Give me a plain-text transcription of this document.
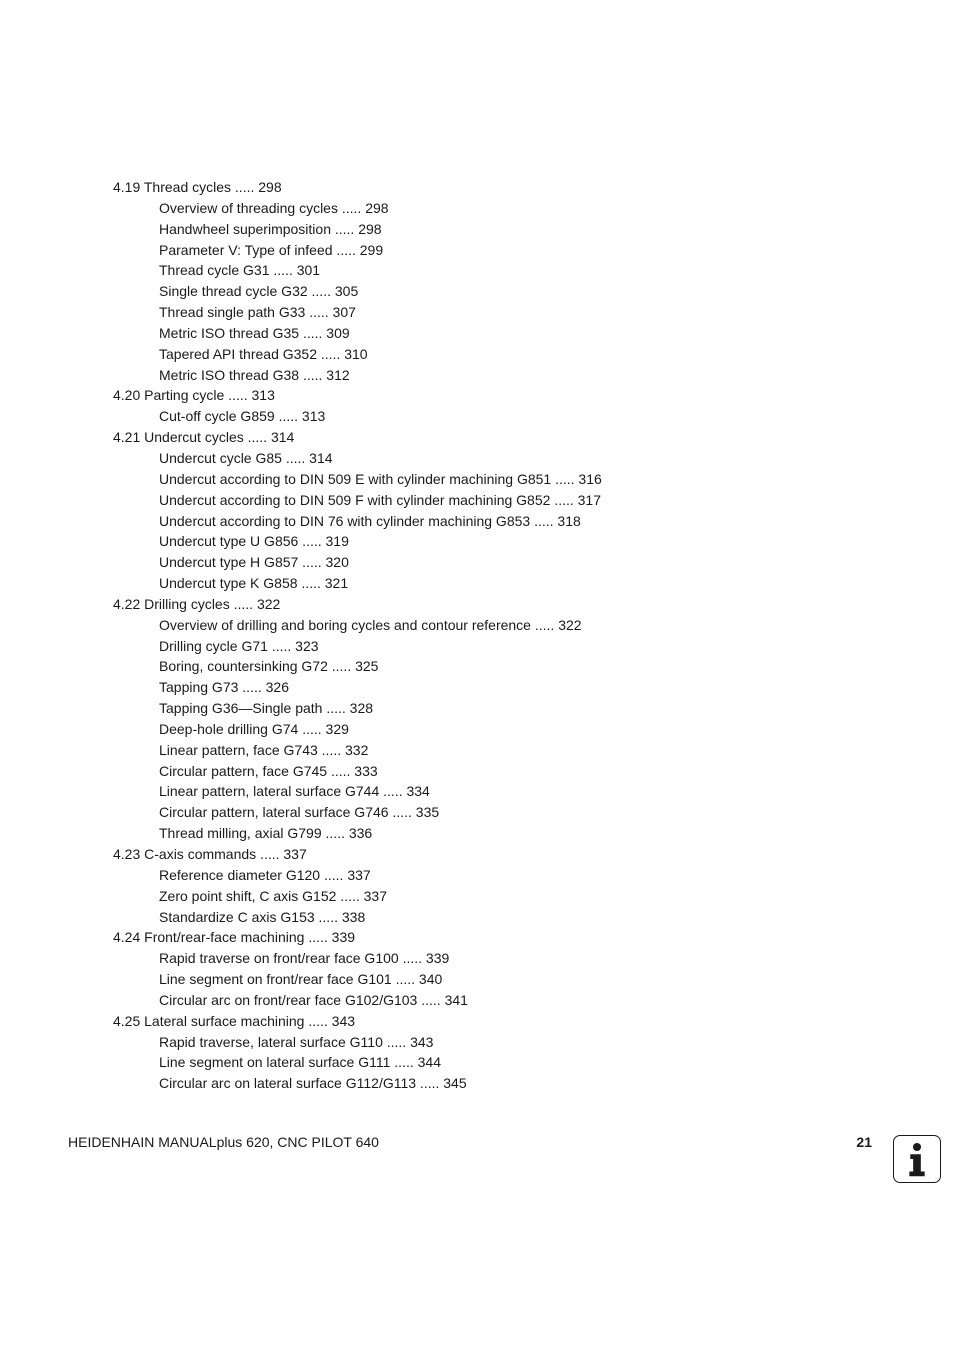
4.19 Thread cycles ..... 298
Overview of threading cycles ..... 298
Handwheel superimposition ..... 298
Parameter V: Type of infeed ..... 299
Thread cycle G31 ..... 301
Single thread cycle G32 ..... 305
Thread single path G33 ..... 307
Metric ISO thread G35 ..... 309
Tapered API thread G352 ..... 310
Metric ISO thread G38 ..... 312
4.20 Parting cycle ..... 313
Cut-off cycle G859 ..... 313
4.21 Undercut cycles ..... 314
Undercut cycle G85 ..... 314
Undercut according to DIN 509 E with cylinder machining G851 ..... 316
Undercut according to DIN 509 F with cylinder machining G852 ..... 317
Undercut according to DIN 76 with cylinder machining G853 ..... 318
Undercut type U G856 ..... 319
Undercut type H G857 ..... 320
Undercut type K G858 ..... 321
4.22 Drilling cycles ..... 322
Overview of drilling and boring cycles and contour reference ..... 322
Drilling cycle G71 ..... 323
Boring, countersinking G72 ..... 325
Tapping G73 ..... 326
Tapping G36—Single path ..... 328
Deep-hole drilling G74 ..... 329
Linear pattern, face G743 ..... 332
Circular pattern, face G745 ..... 333
Linear pattern, lateral surface G744 ..... 334
Circular pattern, lateral surface G746 ..... 335
Thread milling, axial G799 ..... 336
4.23 C-axis commands ..... 337
Reference diameter G120 ..... 337
Zero point shift, C axis G152 ..... 337
Standardize C axis G153 ..... 338
4.24 Front/rear-face machining ..... 339
Rapid traverse on front/rear face G100 ..... 339
Line segment on front/rear face G101 ..... 340
Circular arc on front/rear face G102/G103 ..... 341
4.25 Lateral surface machining ..... 343
Rapid traverse, lateral surface G110 ..... 343
Line segment on lateral surface G111 ..... 344
Circular arc on lateral surface G112/G113 ..... 345
HEIDENHAIN MANUALplus 620, CNC PILOT 640	21
